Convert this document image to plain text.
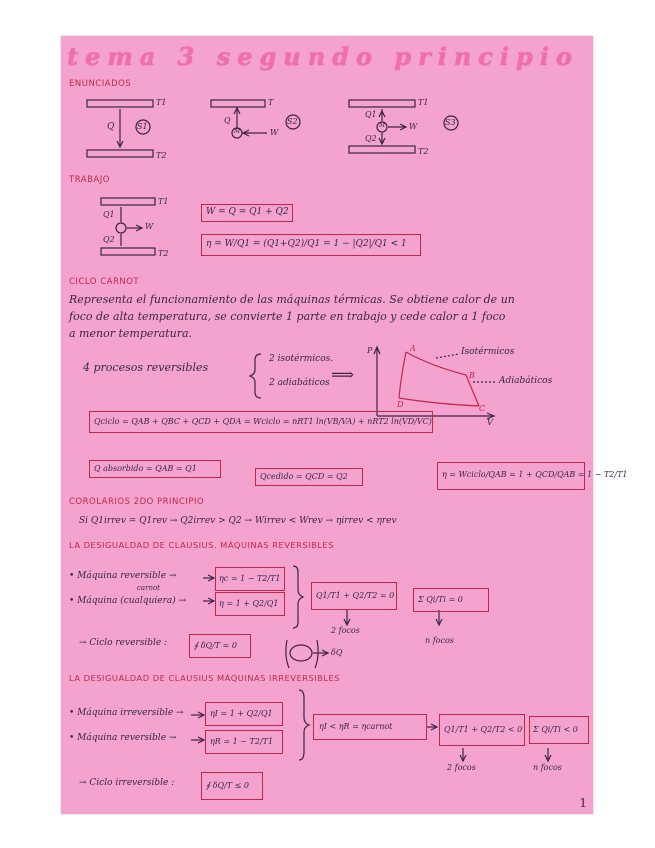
tema 3 segundo principio
ENUNCIADOS
TRABAJO
CICLO CARNOT
COROLARIOS 2DO PRINCIPIO
LA DESIGUALDAD DE CLAUSIUS. MÁQUINAS REVERSIBLES
LA DESIGUALDAD DE CLAUSIUS MÁQUINAS IRREVERSIBLES
T1
T2
Q	S1
T
Q
M	W
S2
T1
T2
Q1
Q2
M	W	S3
T1
T2
Q1
Q2
W
W = Q = Q1 + Q2
η = W/Q1 = (Q1+Q2)/Q1 = 1 − |Q2|/Q1 < 1
Representa el funcionamiento de las máquinas térmicas. Se obtiene calor de un
foco de alta temperatura, se convierte 1 parte en trabajo y cede calor a 1 foco
a menor temperatura.
4 procesos reversibles
2 isotérmicos.
2 adiabáticos ⟹
P
V
A
B
C
D
Isotérmicos
Adiabáticos
Qciclo = QAB + QBC + QCD + QDA = Wciclo = nRT1 ln(VB/VA) + nRT2 ln(VD/VC)
Q absorbido = QAB = Q1
Qcedido = QCD = Q2	η = Wciclo/QAB = 1 + QCD/QAB = 1 − T2/T1
Si Q1irrev = Q1rev → Q2irrev > Q2 → Wirrev < Wrev → ηirrev < ηrev
• Máquina reversible →
carnot
ηc = 1 − T2/T1
• Máquina (cualquiera) →	η = 1 + Q2/Q1
Q1/T1 + Q2/T2 = 0	Σ Qi/Ti = 0
2 focos
n focos
→ Ciclo reversible :	∮ δQ/T = 0
δQ
• Máquina irreversible →	ηI = 1 + Q2/Q1
• Máquina reversible →	ηR = 1 − T2/T1
ηI < ηR = ηcarnot	Q1/T1 + Q2/T2 < 0 Σ Qi/Ti < 0
2 focos	n focos
→ Ciclo irreversible :	∮ δQ/T ≤ 0
1
